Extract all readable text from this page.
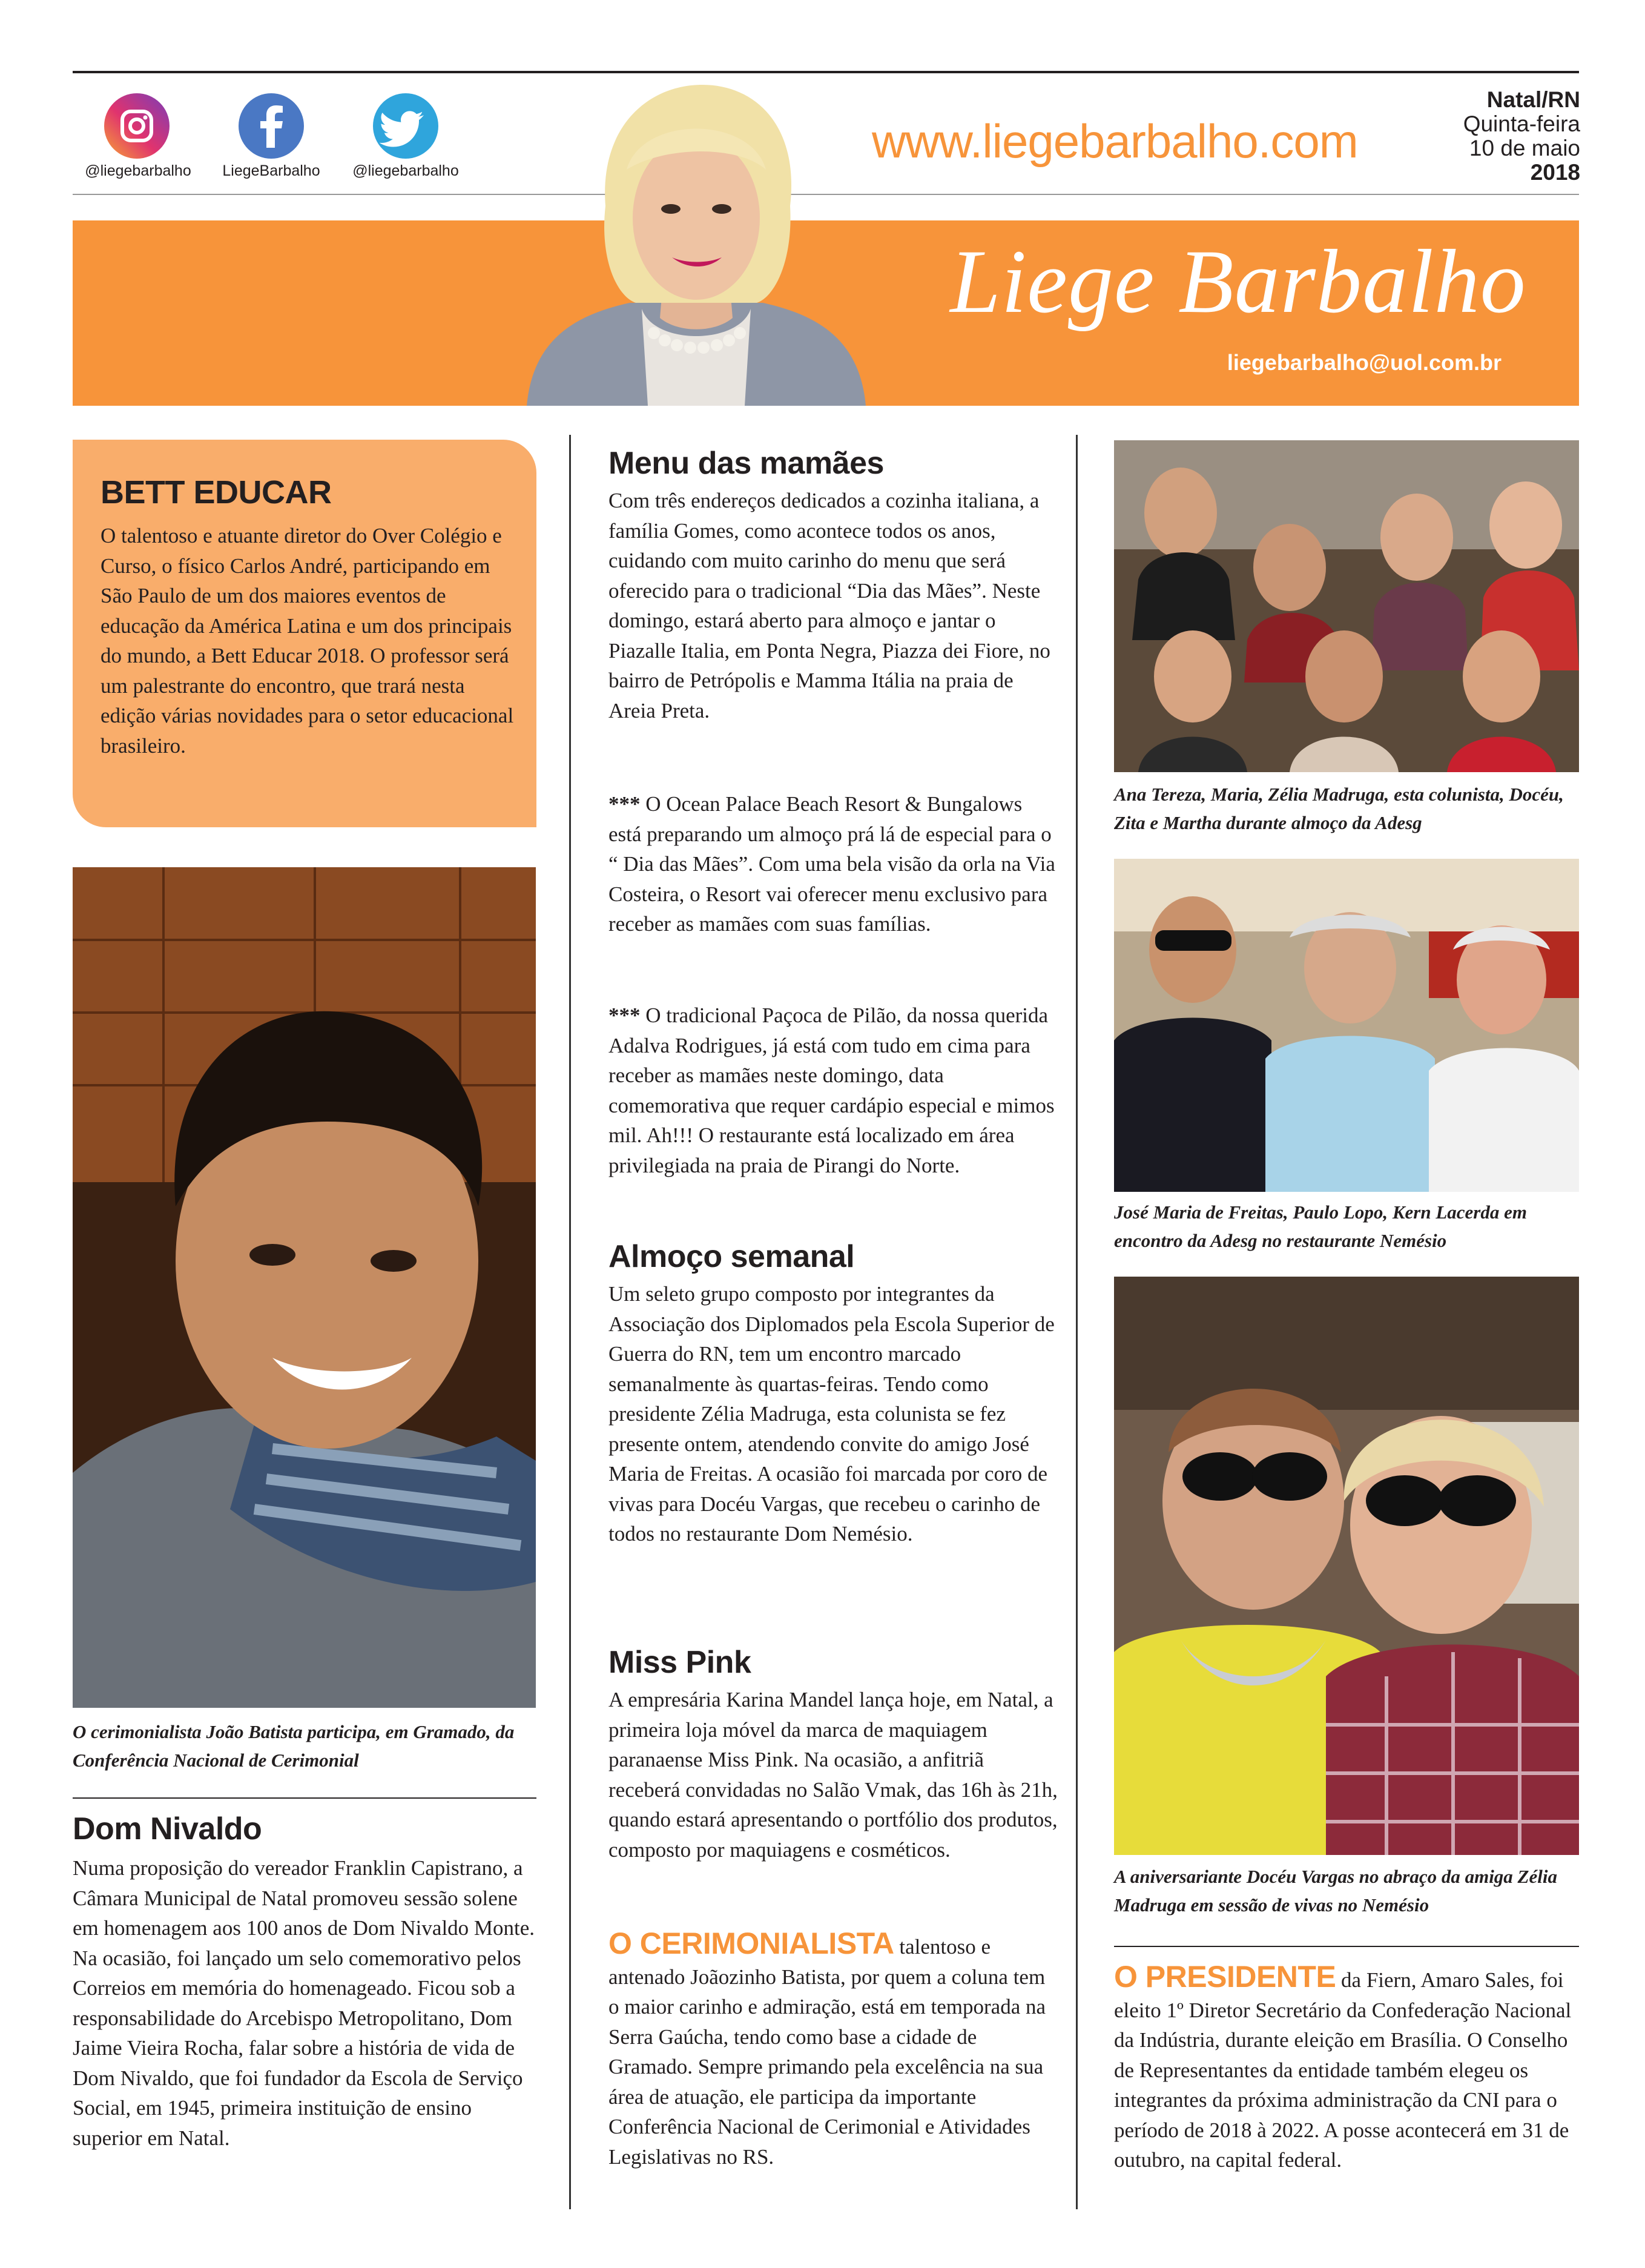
@liegebarbalho	LiegeBarbalho	@liegebarbalho
www.liegebarbalho.com
Natal/RN
Quinta-feira
10 de maio
2018
Liege Barbalho
liegebarbalho@uol.com.br
BETT EDUCAR

O talentoso e atuante diretor do Over Colégio e Curso, o físico Carlos André, participando em São Paulo de um dos maiores eventos de educação da América Latina e um dos principais do mundo, a Bett Educar 2018. O professor será um palestrante do encontro, que trará nesta edição várias novidades para o setor educacional brasileiro.

O cerimonialista João Batista participa, em Gramado, da Conferência Nacional de Cerimonial

Dom Nivaldo

Numa proposição do vereador Franklin Capistrano, a Câmara Municipal de Natal promoveu sessão solene em homenagem aos 100 anos de Dom Nivaldo Monte. Na ocasião, foi lançado um selo comemorativo pelos Correios em memória do homenageado. Ficou sob a responsabilidade do Arcebispo Metropolitano, Dom Jaime Vieira Rocha, falar sobre a história de vida de Dom Nivaldo, que foi fundador da Escola de Serviço Social, em 1945, primeira instituição de ensino superior em Natal.

Menu das mamães

Com três endereços dedicados a cozinha italiana, a família Gomes, como acontece todos os anos, cuidando com muito carinho do menu que será oferecido para o tradicional “Dia das Mães”. Neste domingo, estará aberto para almoço e jantar o Piazalle Italia, em Ponta Negra, Piazza dei Fiore, no bairro de Petrópolis e Mamma Itália na praia de Areia Preta.

*** O Ocean Palace Beach Resort & Bungalows está preparando um almoço prá lá de especial para o “ Dia das Mães”. Com uma bela visão da orla na Via Costeira, o Resort vai oferecer menu exclusivo para receber as mamães com suas famílias.

*** O tradicional Paçoca de Pilão, da nossa querida Adalva Rodrigues, já está com tudo em cima para receber as mamães neste domingo, data comemorativa que requer cardápio especial e mimos mil. Ah!!! O restaurante está localizado em área privilegiada na praia de Pirangi do Norte.

Almoço semanal

Um seleto grupo composto por integrantes da Associação dos Diplomados pela Escola Superior de Guerra do RN, tem um encontro marcado semanalmente às quartas-feiras. Tendo como presidente Zélia Madruga, esta colunista se fez presente ontem, atendendo convite do amigo José Maria de Freitas. A ocasião foi marcada por coro de vivas para Docéu Vargas, que recebeu o carinho de todos no restaurante Dom Nemésio.

Miss Pink

A empresária Karina Mandel lança hoje, em Natal, a primeira loja móvel da marca de maquiagem paranaense Miss Pink. Na ocasião, a anfitriã receberá convidadas no Salão Vmak, das 16h às 21h, quando estará apresentando o portfólio dos produtos, composto por maquiagens e cosméticos.

O CERIMONIALISTA talentoso e antenado Joãozinho Batista, por quem a coluna tem o maior carinho e admiração, está em temporada na Serra Gaúcha, tendo como base a cidade de Gramado. Sempre primando pela excelência na sua área de atuação, ele participa da importante Conferência Nacional de Cerimonial e Atividades Legislativas no RS.

Ana Tereza, Maria, Zélia Madruga, esta colunista, Docéu, Zita e Martha durante almoço da Adesg

José Maria de Freitas, Paulo Lopo, Kern Lacerda em encontro da Adesg no restaurante Nemésio

A aniversariante Docéu Vargas no abraço da amiga Zélia Madruga em sessão de vivas no Nemésio

O PRESIDENTE da Fiern, Amaro Sales, foi eleito 1º Diretor Secretário da Confederação Nacional da Indústria, durante eleição em Brasília. O Conselho de Representantes da entidade também elegeu os integrantes da próxima administração da CNI para o período de 2018 à 2022. A posse acontecerá em 31 de outubro, na capital federal.
